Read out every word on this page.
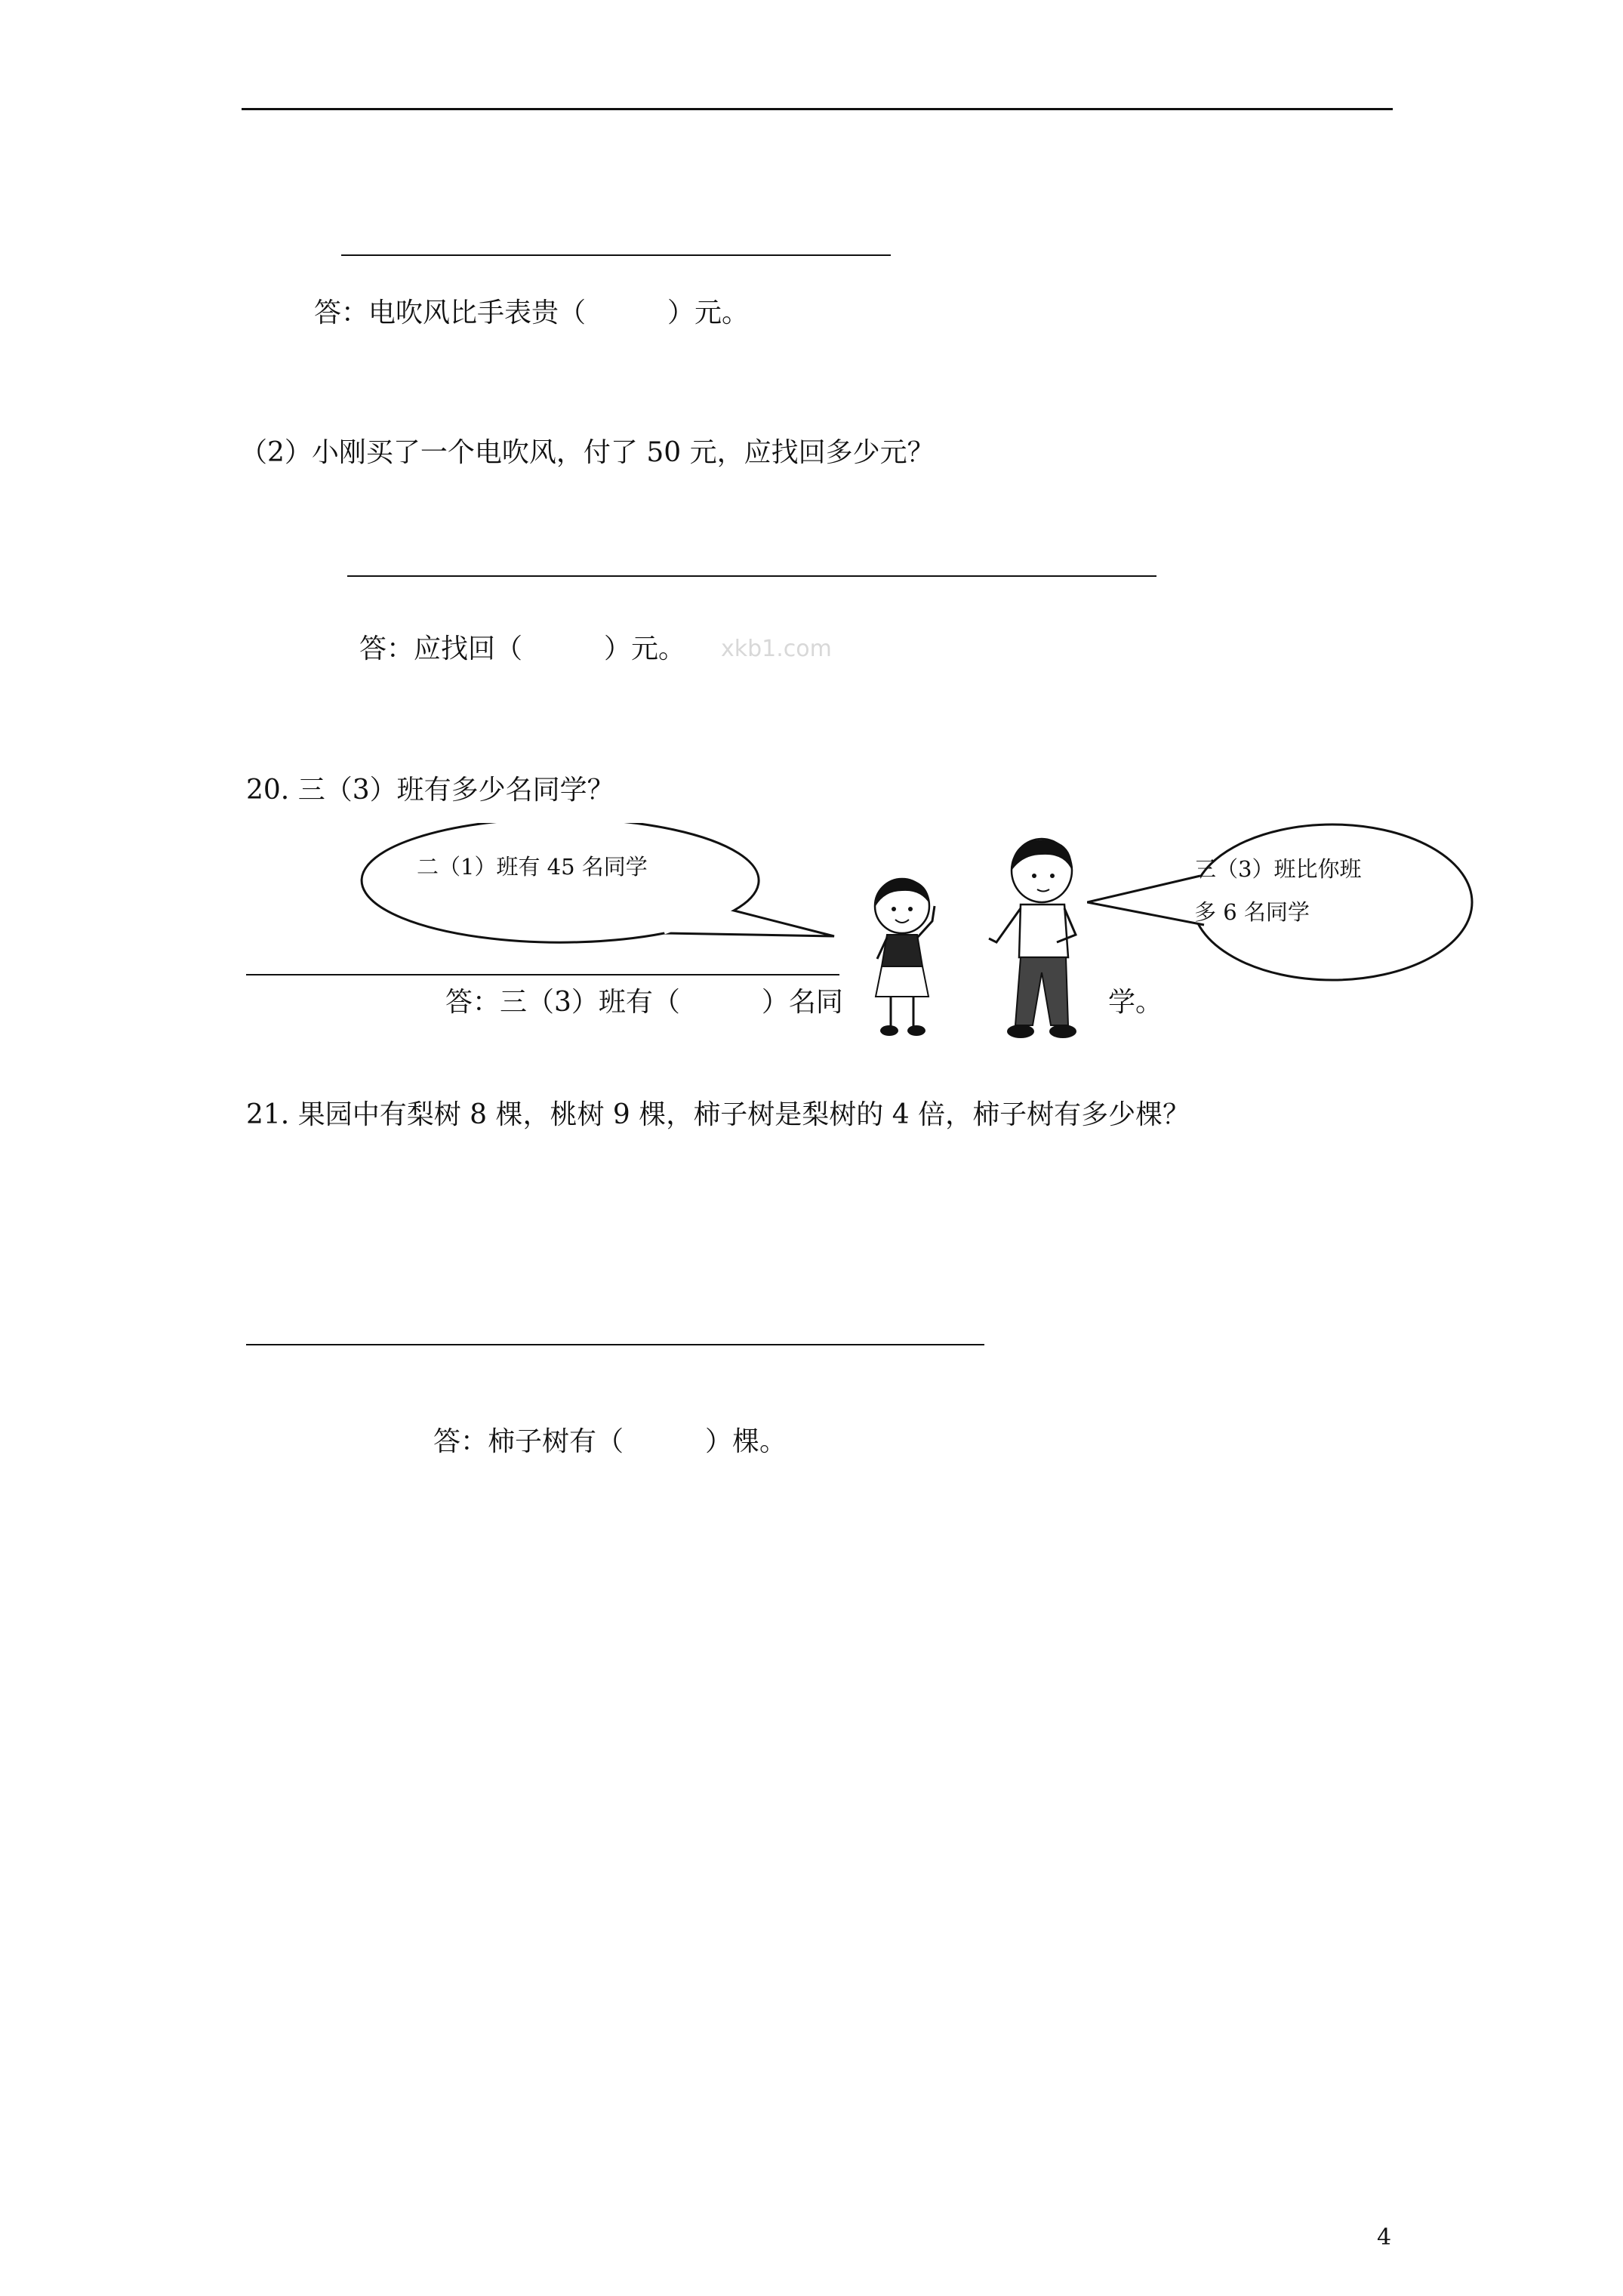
答：电吹风比手表贵（　　　）元。
（2）小刚买了一个电吹风，付了 50 元，应找回多少元？
答：应找回（　　　）元。 xkb1.com
20. 三（3）班有多少名同学？
二（1）班有 45 名同学	三（3）班比你班
多 6 名同学
答：三（3）班有（　　　）名同	学。
21. 果园中有梨树 8 棵，桃树 9 棵，柿子树是梨树的 4 倍，柿子树有多少棵？
答：柿子树有（　　　）棵。
4
